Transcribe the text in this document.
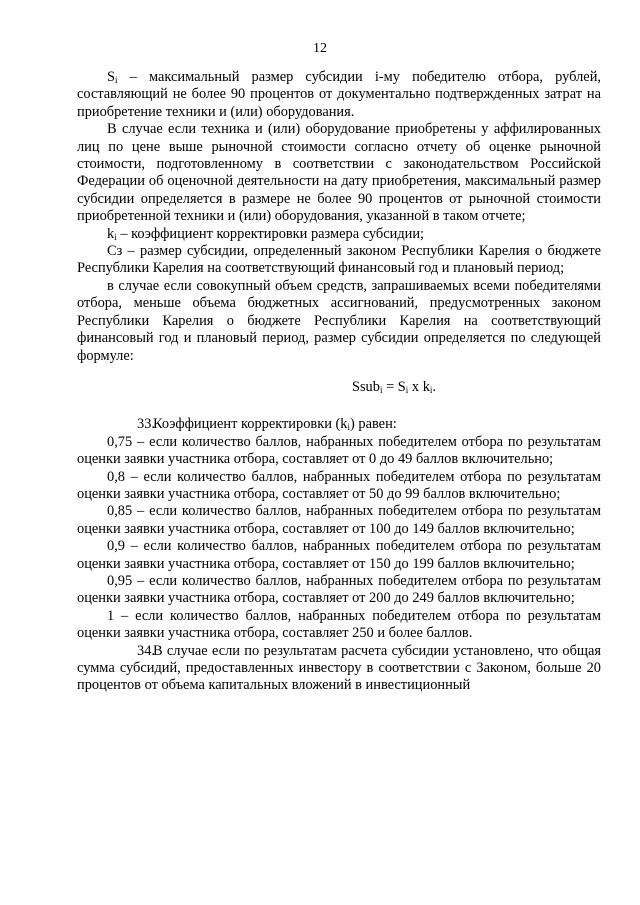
12

$S_i$ – максимальный размер субсидии i-му победителю отбора, рублей, составляющий не более 90 процентов от документально подтвержденных затрат на приобретение техники и (или) оборудования.

В случае если техника и (или) оборудование приобретены у аффилированных лиц по цене выше рыночной стоимости согласно отчету об оценке рыночной стоимости, подготовленному в соответствии с законодательством Российской Федерации об оценочной деятельности на дату приобретения, максимальный размер субсидии определяется в размере не более 90 процентов от рыночной стоимости приобретенной техники и (или) оборудования, указанной в таком отчете;

$k_i$ – коэффициент корректировки размера субсидии;

Сз – размер субсидии, определенный законом Республики Карелия о бюджете Республики Карелия на соответствующий финансовый год и плановый период;

в случае если совокупный объем средств, запрашиваемых всеми победителями отбора, меньше объема бюджетных ассигнований, предусмотренных законом Республики Карелия о бюджете Республики Карелия на соответствующий финансовый год и плановый период, размер субсидии определяется по следующей формуле:

Ssub$_i$ = $S_i$ x $k_i$.

33.Коэффициент корректировки $(k_i)$ равен:

0,75 – если количество баллов, набранных победителем отбора по результатам оценки заявки участника отбора, составляет от 0 до 49 баллов включительно;

0,8 – если количество баллов, набранных победителем отбора по результатам оценки заявки участника отбора, составляет от 50 до 99 баллов включительно;

0,85 – если количество баллов, набранных победителем отбора по результатам оценки заявки участника отбора, составляет от 100 до 149 баллов включительно;

0,9 – если количество баллов, набранных победителем отбора по результатам оценки заявки участника отбора, составляет от 150 до 199 баллов включительно;

0,95 – если количество баллов, набранных победителем отбора по результатам оценки заявки участника отбора, составляет от 200 до 249 баллов включительно;

1 – если количество баллов, набранных победителем отбора по результатам оценки заявки участника отбора, составляет 250 и более баллов.

34.В случае если по результатам расчета субсидии установлено, что общая сумма субсидий, предоставленных инвестору в соответствии с Законом, больше 20 процентов от объема капитальных вложений в инвестиционный
